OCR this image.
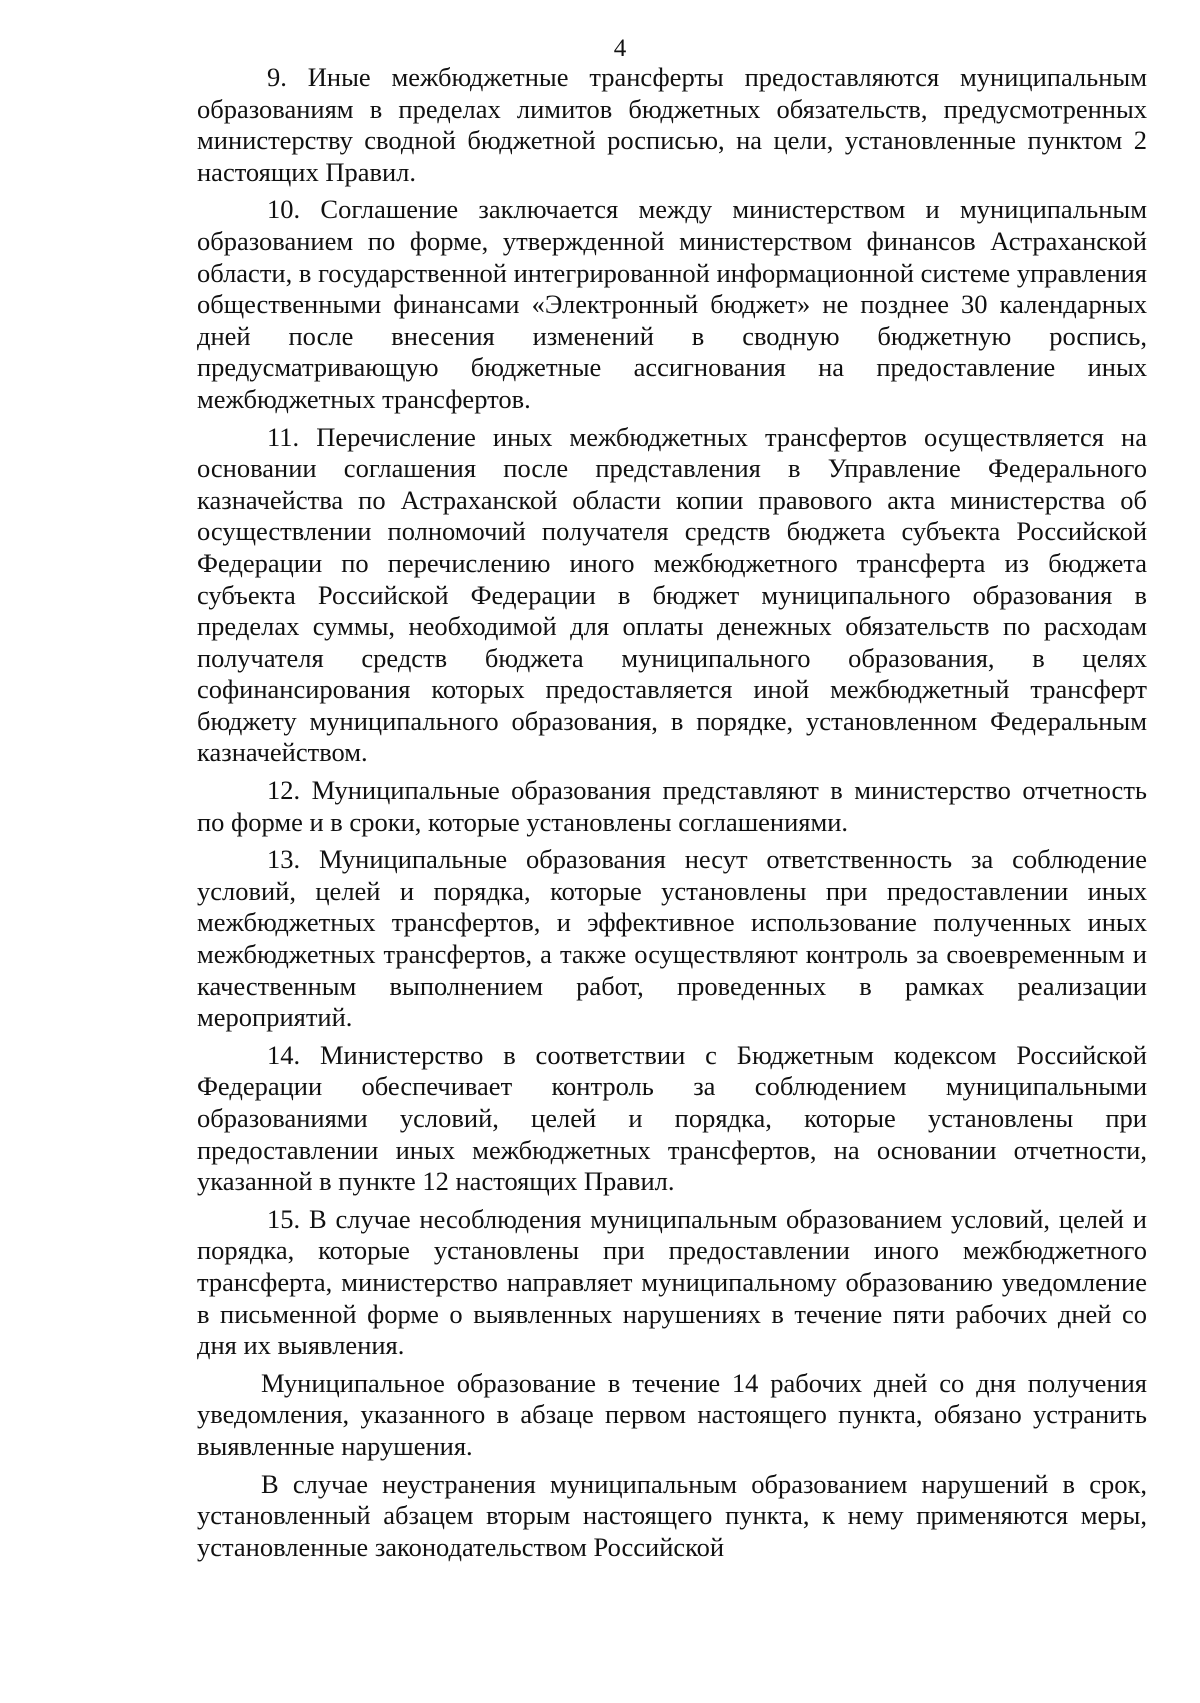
4

9. Иные межбюджетные трансферты предоставляются муниципальным образованиям в пределах лимитов бюджетных обязательств, предусмотренных министерству сводной бюджетной росписью, на цели, установленные пунктом 2 настоящих Правил.

10. Соглашение заключается между министерством и муниципальным образованием по форме, утвержденной министерством финансов Астраханской области, в государственной интегрированной информационной системе управления общественными финансами «Электронный бюджет» не позднее 30 календарных дней после внесения изменений в сводную бюджетную роспись, предусматривающую бюджетные ассигнования на предоставление иных межбюджетных трансфертов.

11. Перечисление иных межбюджетных трансфертов осуществляется на основании соглашения после представления в Управление Федерального казначейства по Астраханской области копии правового акта министерства об осуществлении полномочий получателя средств бюджета субъекта Российской Федерации по перечислению иного межбюджетного трансферта из бюджета субъекта Российской Федерации в бюджет муниципального образования в пределах суммы, необходимой для оплаты денежных обязательств по расходам получателя средств бюджета муниципального образования, в целях софинансирования которых предоставляется иной межбюджетный трансферт бюджету муниципального образования, в порядке, установленном Федеральным казначейством.

12. Муниципальные образования представляют в министерство отчетность по форме и в сроки, которые установлены соглашениями.

13. Муниципальные образования несут ответственность за соблюдение условий, целей и порядка, которые установлены при предоставлении иных межбюджетных трансфертов, и эффективное использование полученных иных межбюджетных трансфертов, а также осуществляют контроль за своевременным и качественным выполнением работ, проведенных в рамках реализации мероприятий.

14. Министерство в соответствии с Бюджетным кодексом Российской Федерации обеспечивает контроль за соблюдением муниципальными образованиями условий, целей и порядка, которые установлены при предоставлении иных межбюджетных трансфертов, на основании отчетности, указанной в пункте 12 настоящих Правил.

15. В случае несоблюдения муниципальным образованием условий, целей и порядка, которые установлены при предоставлении иного межбюджетного трансферта, министерство направляет муниципальному образованию уведомление в письменной форме о выявленных нарушениях в течение пяти рабочих дней со дня их выявления.

Муниципальное образование в течение 14 рабочих дней со дня получения уведомления, указанного в абзаце первом настоящего пункта, обязано устранить выявленные нарушения.

В случае неустранения муниципальным образованием нарушений в срок, установленный абзацем вторым настоящего пункта, к нему применяются меры, установленные законодательством Российской
